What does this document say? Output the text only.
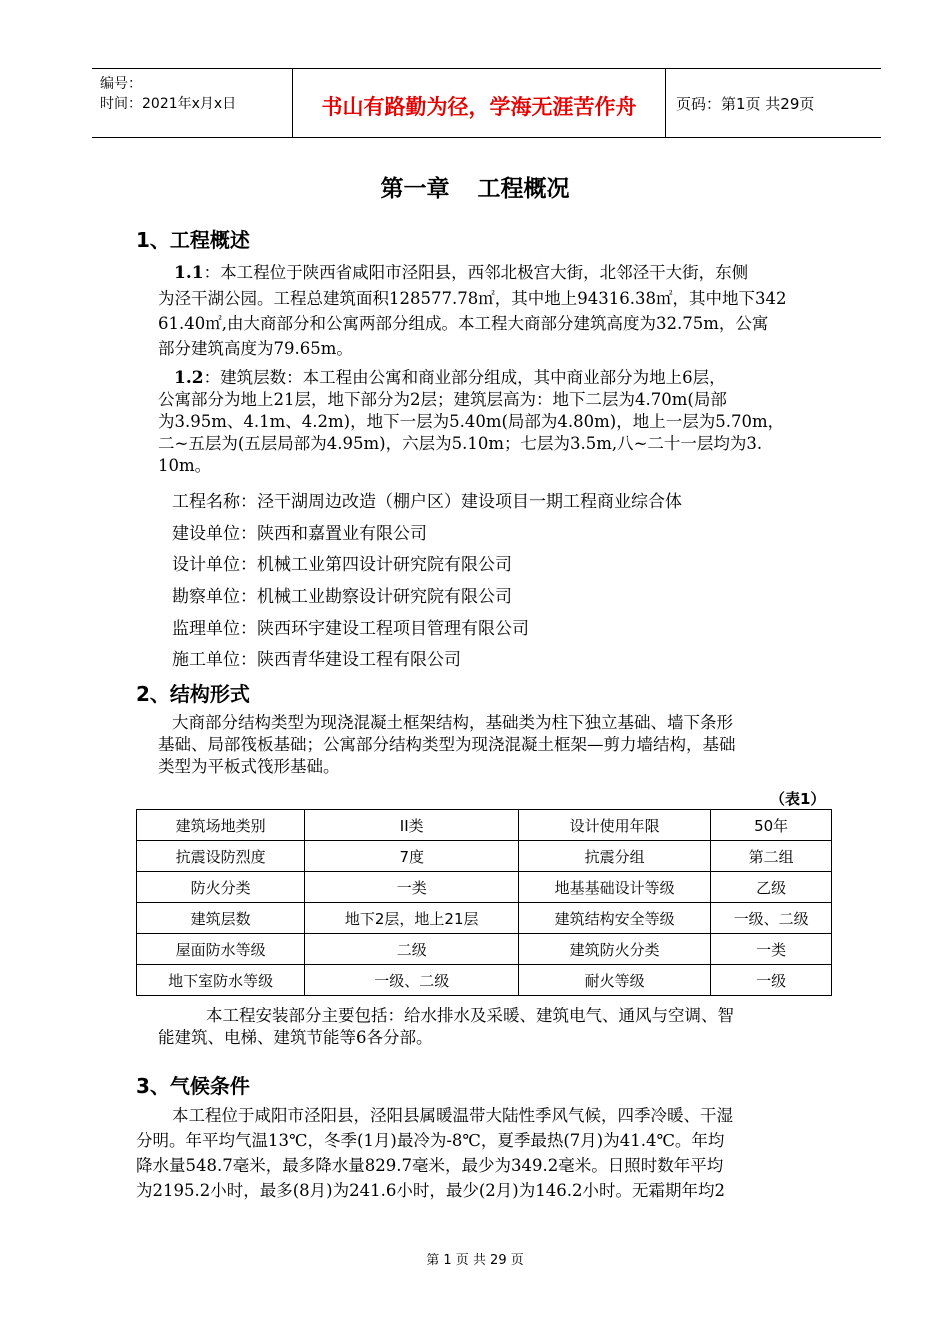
编号：
时间：2021年x月x日	书山有路勤为径，学海无涯苦作舟	页码：第1页 共29页
第一章 工程概况
1、工程概述
1.1：本工程位于陕西省咸阳市泾阳县，西邻北极宫大街，北邻泾干大街，东侧
为泾干湖公园。工程总建筑面积128577.78㎡，其中地上94316.38㎡，其中地下342
61.40㎡,由大商部分和公寓两部分组成。本工程大商部分建筑高度为32.75m，公寓
部分建筑高度为79.65m。
1.2：建筑层数：本工程由公寓和商业部分组成，其中商业部分为地上6层，
公寓部分为地上21层，地下部分为2层；建筑层高为：地下二层为4.70m(局部
为3.95m、4.1m、4.2m)，地下一层为5.40m(局部为4.80m)，地上一层为5.70m，
二~五层为(五层局部为4.95m)，六层为5.10m；七层为3.5m,八~二十一层均为3.
10m。
工程名称：泾干湖周边改造（棚户区）建设项目一期工程商业综合体
建设单位：陕西和嘉置业有限公司
设计单位：机械工业第四设计研究院有限公司
勘察单位：机械工业勘察设计研究院有限公司
监理单位：陕西环宇建设工程项目管理有限公司
施工单位：陕西青华建设工程有限公司
2、结构形式
大商部分结构类型为现浇混凝土框架结构，基础类为柱下独立基础、墙下条形
基础、局部筏板基础；公寓部分结构类型为现浇混凝土框架—剪力墙结构，基础
类型为平板式筏形基础。
（表1）
建筑场地类别	II类	设计使用年限	50年
抗震设防烈度	7度	抗震分组	第二组
防火分类	一类	地基基础设计等级	乙级
建筑层数	地下2层，地上21层	建筑结构安全等级	一级、二级
屋面防水等级	二级	建筑防火分类	一类
地下室防水等级	一级、二级	耐火等级	一级
本工程安装部分主要包括：给水排水及采暖、建筑电气、通风与空调、智
能建筑、电梯、建筑节能等6各分部。
3、气候条件
本工程位于咸阳市泾阳县，泾阳县属暖温带大陆性季风气候，四季冷暖、干湿
分明。年平均气温13℃，冬季(1月)最冷为-8℃，夏季最热(7月)为41.4℃。年均
降水量548.7毫米，最多降水量829.7毫米，最少为349.2毫米。日照时数年平均
为2195.2小时，最多(8月)为241.6小时，最少(2月)为146.2小时。无霜期年均2
第 1 页 共 29 页
